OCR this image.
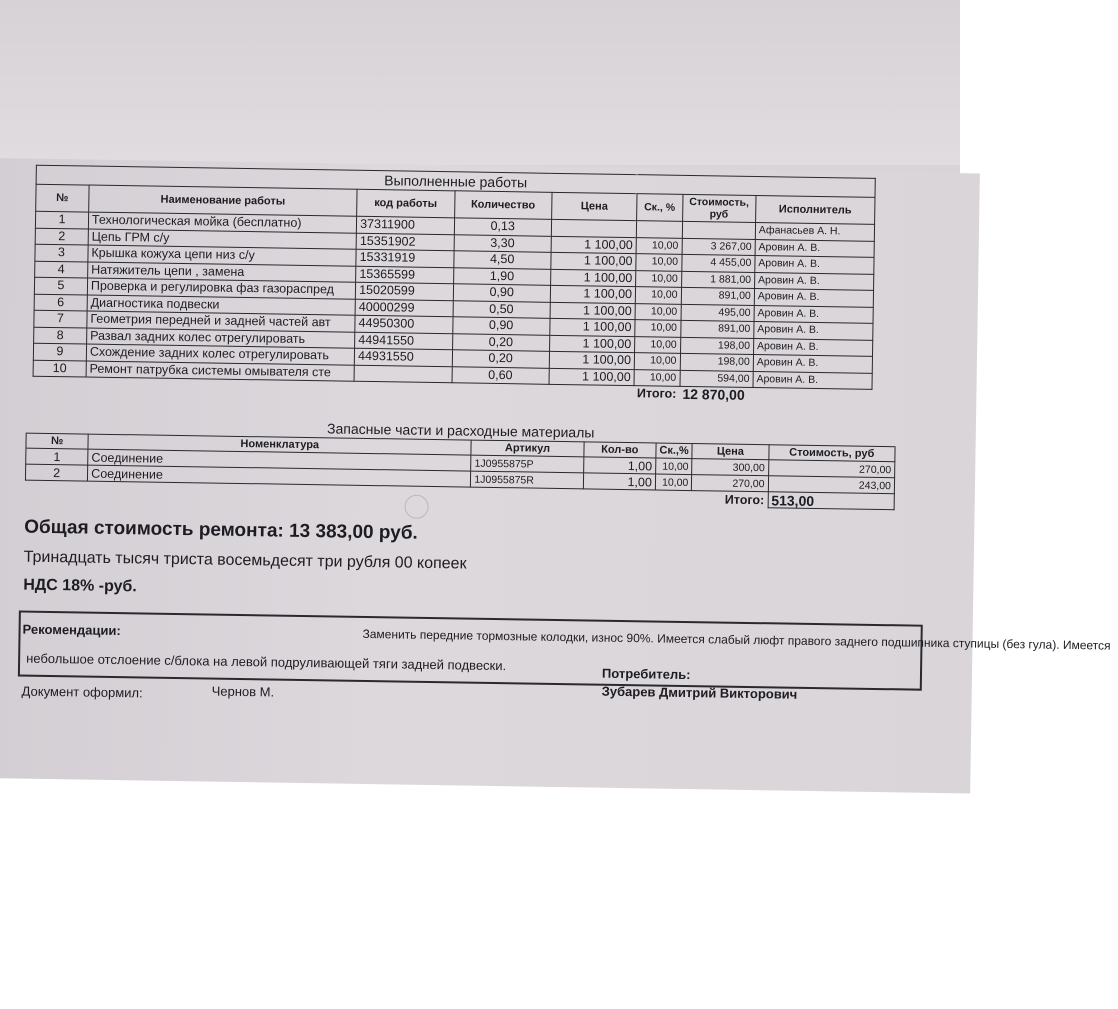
Выполненные работы							
№	Наименование работы	код работы	Количество	Цена	Ск., %	Стоимость, руб	Исполнитель
1	Технологическая мойка (бесплатно)	37311900	0,13				Афанасьев А. Н.
2	Цепь ГРМ с/у	15351902	3,30	1 100,00	10,00	3 267,00	Аровин А. В.
3	Крышка кожуха цепи низ с/у	15331919	4,50	1 100,00	10,00	4 455,00	Аровин А. В.
4	Натяжитель цепи , замена	15365599	1,90	1 100,00	10,00	1 881,00	Аровин А. В.
5	Проверка и регулировка фаз газораспред	15020599	0,90	1 100,00	10,00	891,00	Аровин А. В.
6	Диагностика подвески	40000299	0,50	1 100,00	10,00	495,00	Аровин А. В.
7	Геометрия передней и задней частей авт	44950300	0,90	1 100,00	10,00	891,00	Аровин А. В.
8	Развал задних колес отрегулировать	44941550	0,20	1 100,00	10,00	198,00	Аровин А. В.
9	Схождение задних колес отрегулировать	44931550	0,20	1 100,00	10,00	198,00	Аровин А. В.
10	Ремонт патрубка системы омывателя сте		0,60	1 100,00	10,00	594,00	Аровин А. В.
					Итого:	12 870,00	
Запасные части и расходные материалы						
№	Номенклатура	Артикул	Кол-во	Ск.,%	Цена	Стоимость, руб
1	Соединение	1J0955875P	1,00	10,00	300,00	270,00
2	Соединение	1J0955875R	1,00	10,00	270,00	243,00
					Итого:	513,00
Общая стоимость ремонта: 13 383,00 руб.
Тринадцать тысяч триста восемьдесят три рубля 00 копеек
НДС 18% -руб.
Рекомендации:	Заменить передние тормозные колодки, износ 90%. Имеется слабый люфт правого заднего подшипника ступицы (без гула). Имеется
небольшое отслоение с/блока на левой подруливающей тяги задней подвески.
Документ оформил:	Чернов М.
Потребитель:
Зубарев Дмитрий Викторович
